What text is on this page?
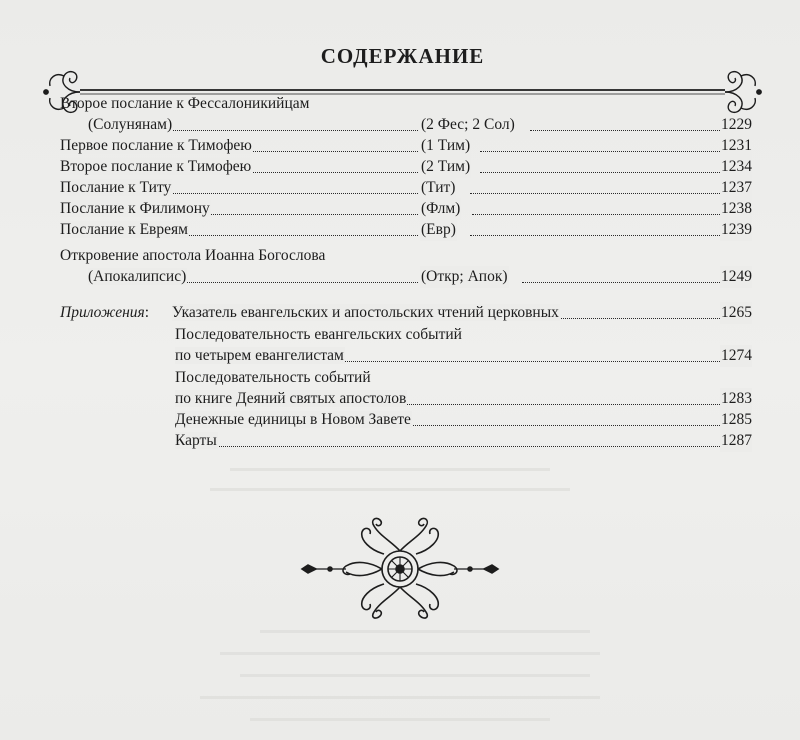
СОДЕРЖАНИЕ
Второе послание к Фессалоникийцам
(Солунянам)	(2 Фес; 2 Сол)	1229
Первое послание к Тимофею	(1 Тим)	1231
Второе послание к Тимофею	(2 Тим)	1234
Послание к Титу	(Тит)	1237
Послание к Филимону	(Флм)	1238
Послание к Евреям	(Евр)	1239
Откровение апостола Иоанна Богослова
(Апокалипсис)	(Откр; Апок)	1249
Приложения: Указатель евангельских и апостольских чтений церковных	1265
Последовательность евангельских событий
по четырем евангелистам	1274
Последовательность событий
по книге Деяний святых апостолов	1283
Денежные единицы в Новом Завете	1285
Карты	1287
